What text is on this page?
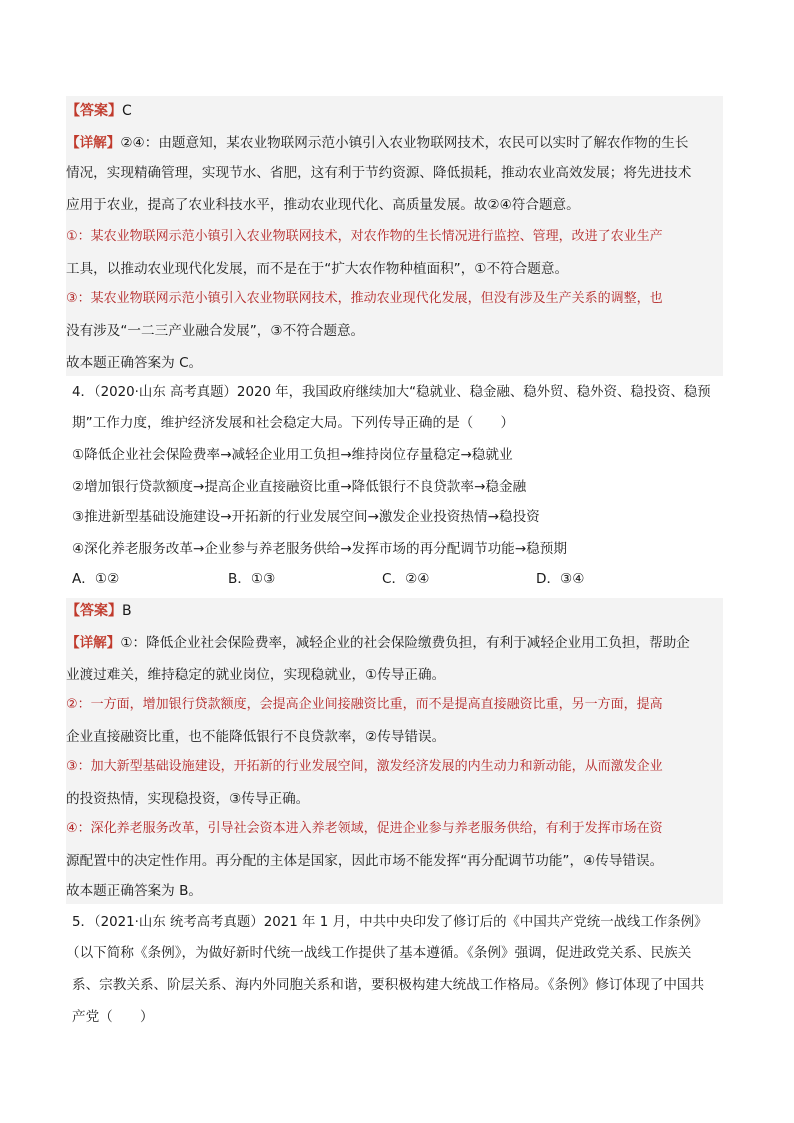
【答案】C
【详解】②④：由题意知，某农业物联网示范小镇引入农业物联网技术，农民可以实时了解农作物的生长
情况，实现精确管理，实现节水、省肥，这有利于节约资源、降低损耗，推动农业高效发展；将先进技术
应用于农业，提高了农业科技水平，推动农业现代化、高质量发展。故②④符合题意。
①：某农业物联网示范小镇引入农业物联网技术，对农作物的生长情况进行监控、管理，改进了农业生产
工具，以推动农业现代化发展，而不是在于“扩大农作物种植面积”，①不符合题意。
③：某农业物联网示范小镇引入农业物联网技术，推动农业现代化发展，但没有涉及生产关系的调整，也
没有涉及“一二三产业融合发展”，③不符合题意。
故本题正确答案为 C。
4．（2020·山东 高考真题）2020 年，我国政府继续加大“稳就业、稳金融、稳外贸、稳外资、稳投资、稳预
期”工作力度，维护经济发展和社会稳定大局。下列传导正确的是（　　）
①降低企业社会保险费率→减轻企业用工负担→维持岗位存量稳定→稳就业
②增加银行贷款额度→提高企业直接融资比重→降低银行不良贷款率→稳金融
③推进新型基础设施建设→开拓新的行业发展空间→激发企业投资热情→稳投资
④深化养老服务改革→企业参与养老服务供给→发挥市场的再分配调节功能→稳预期
A．①②	B．①③	C．②④	D．③④
【答案】B
【详解】①：降低企业社会保险费率，减轻企业的社会保险缴费负担，有利于减轻企业用工负担，帮助企
业渡过难关，维持稳定的就业岗位，实现稳就业，①传导正确。
②：一方面，增加银行贷款额度，会提高企业间接融资比重，而不是提高直接融资比重，另一方面，提高
企业直接融资比重，也不能降低银行不良贷款率，②传导错误。
③：加大新型基础设施建设，开拓新的行业发展空间，激发经济发展的内生动力和新动能，从而激发企业
的投资热情，实现稳投资，③传导正确。
④：深化养老服务改革，引导社会资本进入养老领域，促进企业参与养老服务供给，有利于发挥市场在资
源配置中的决定性作用。再分配的主体是国家，因此市场不能发挥“再分配调节功能”，④传导错误。
故本题正确答案为 B。
5．（2021·山东 统考高考真题）2021 年 1 月，中共中央印发了修订后的《中国共产党统一战线工作条例》
（以下简称《条例》，为做好新时代统一战线工作提供了基本遵循。《条例》强调，促进政党关系、民族关
系、宗教关系、阶层关系、海内外同胞关系和谐，要积极构建大统战工作格局。《条例》修订体现了中国共
产党（　　）
